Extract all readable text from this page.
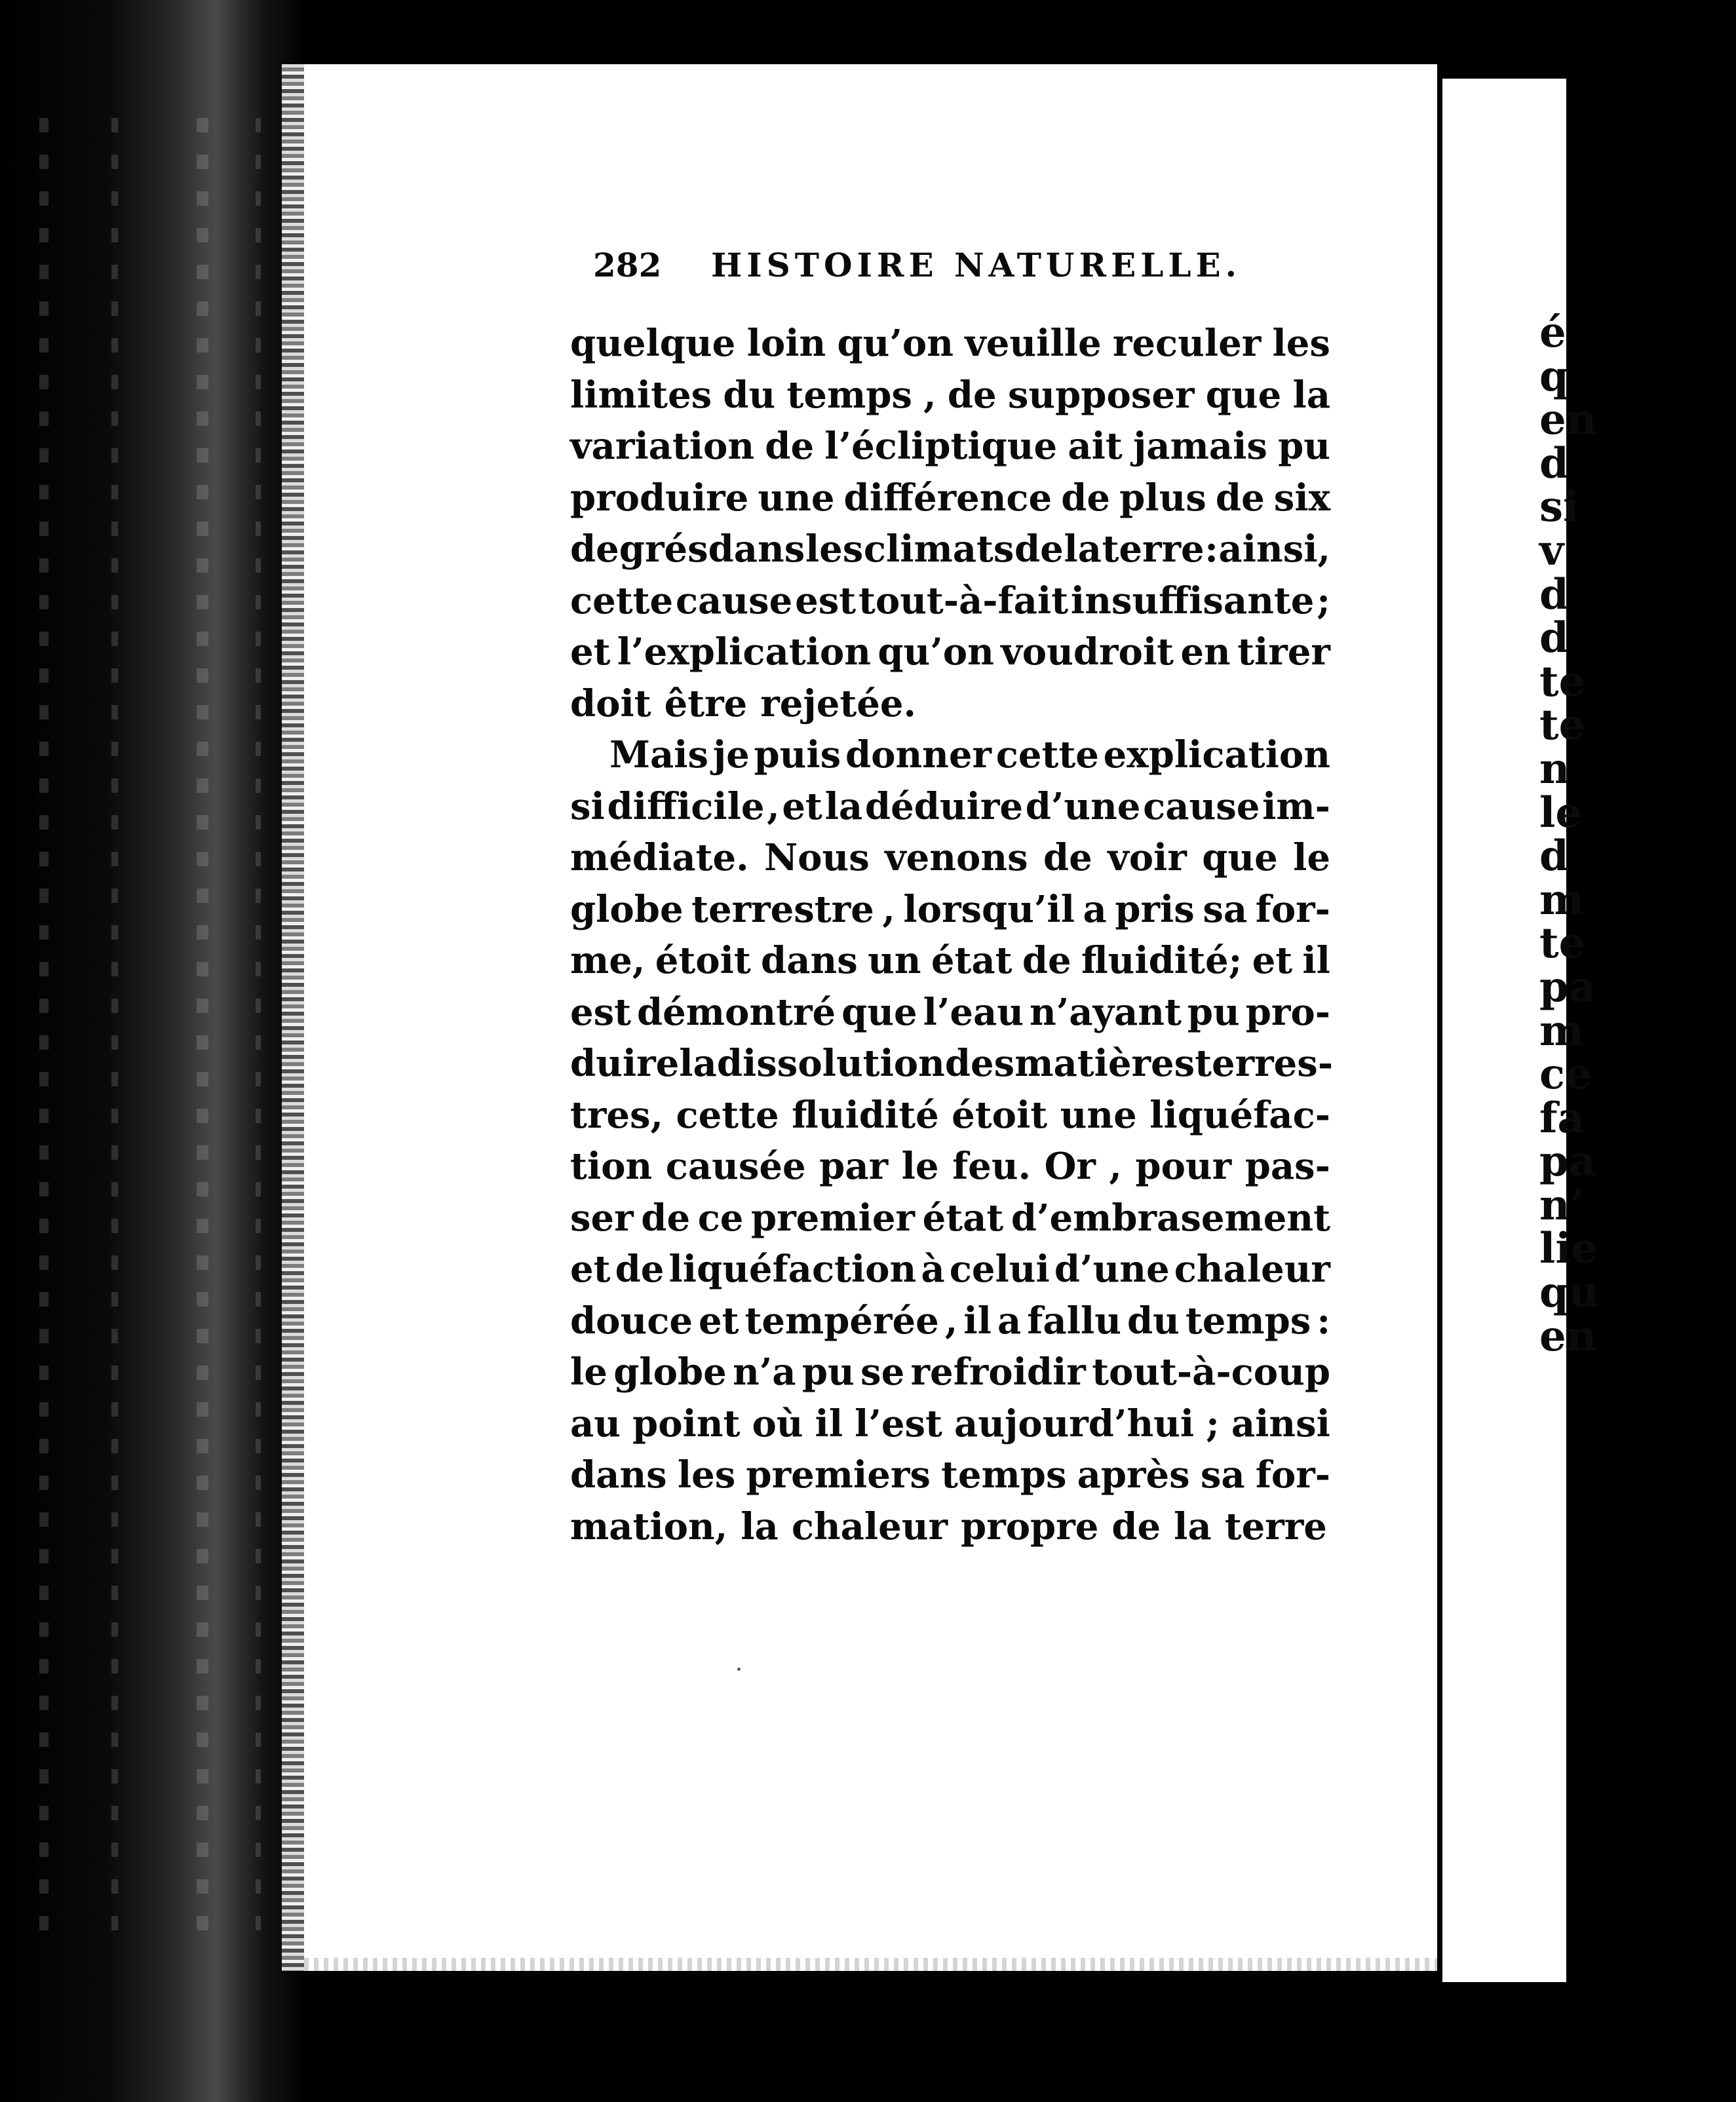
é
q
en
d
si
v
d
d
te
te
n
le
d
m
te
pa
m
ce
fa
pa
n’
lie
qu
en
282 HISTOIRE NATURELLE.
quelque loin qu’on veuille reculer les
limites du temps , de supposer que la
variation de l’écliptique ait jamais pu
produire une différence de plus de six
degrésdans les climats de la terre : ainsi,
cette cause est tout-à-fait insuffisante ;
et l’explication qu’on voudroit en tirer
doit être rejetée.
Mais je puis donner cette explication
si difficile , et la déduire d’une cause im-
médiate. Nous venons de voir que le
globe terrestre , lorsqu’il a pris sa for-
me, étoit dans un état de fluidité; et il
est démontré que l’eau n’ayant pu pro-
duire la dissolution des matières terres-
tres, cette fluidité étoit une liquéfac-
tion causée par le feu. Or , pour pas-
ser de ce premier état d’embrasement
et de liquéfaction à celui d’une chaleur
douce et tempérée , il a fallu du temps :
le globe n’a pu se refroidir tout-à-coup
au point où il l’est aujourd’hui ; ainsi
dans les premiers temps après sa for-
mation, la chaleur propre de la terre
